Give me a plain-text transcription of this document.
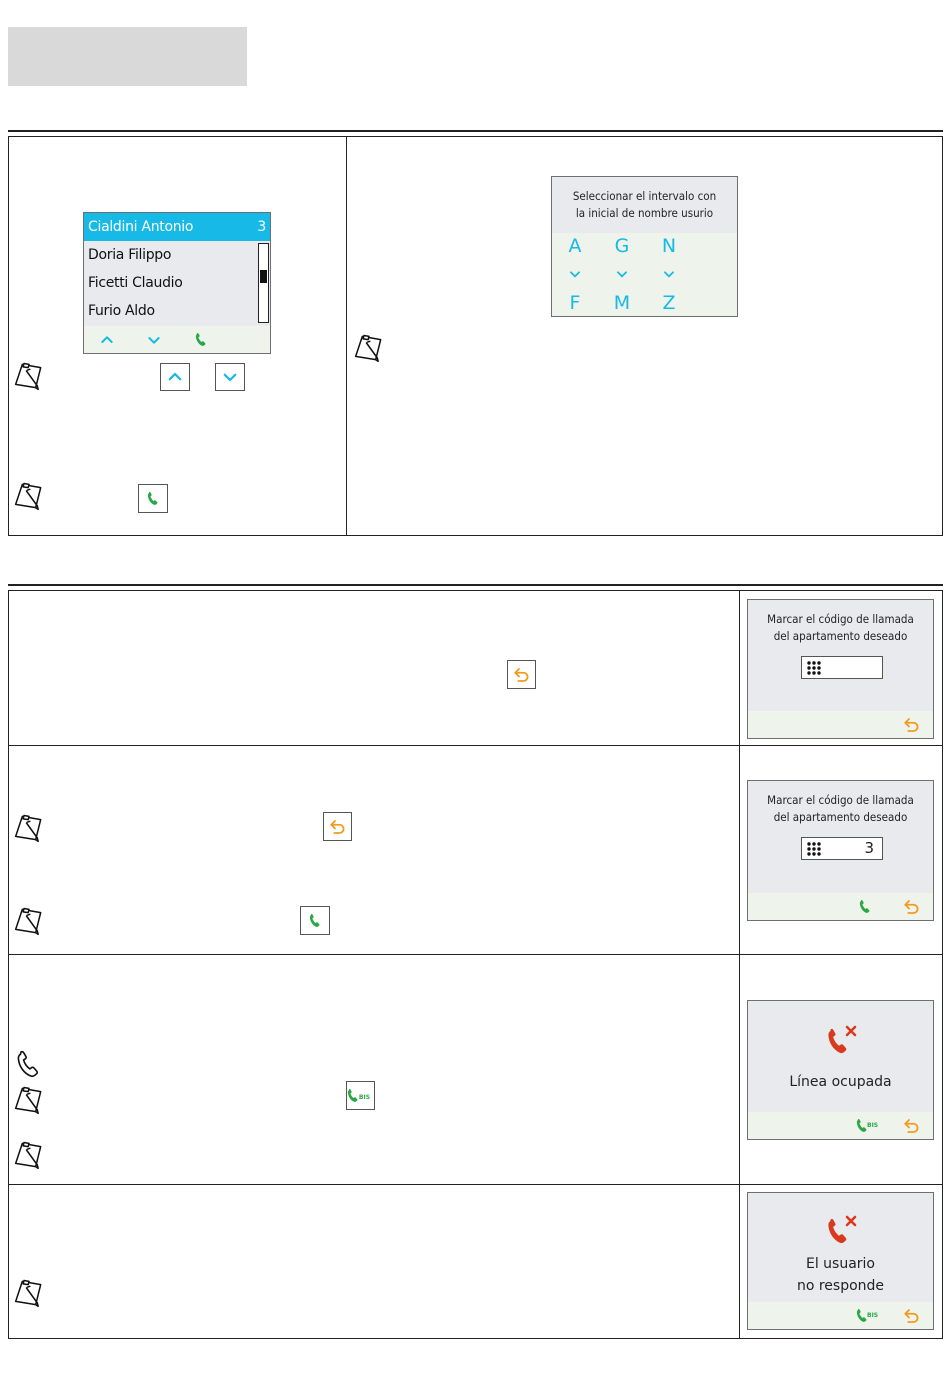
Cialdini Antonio	3
Doria Filippo
Ficetti Claudio
Furio Aldo
Seleccionar el intervalo con
la inicial de nombre usurio
A G N
F	M Z
Marcar el código de llamada
del apartamento deseado
Marcar el código de llamada
del apartamento deseado
3
BIS
Línea ocupada
BIS
El usuario
no responde
BIS
